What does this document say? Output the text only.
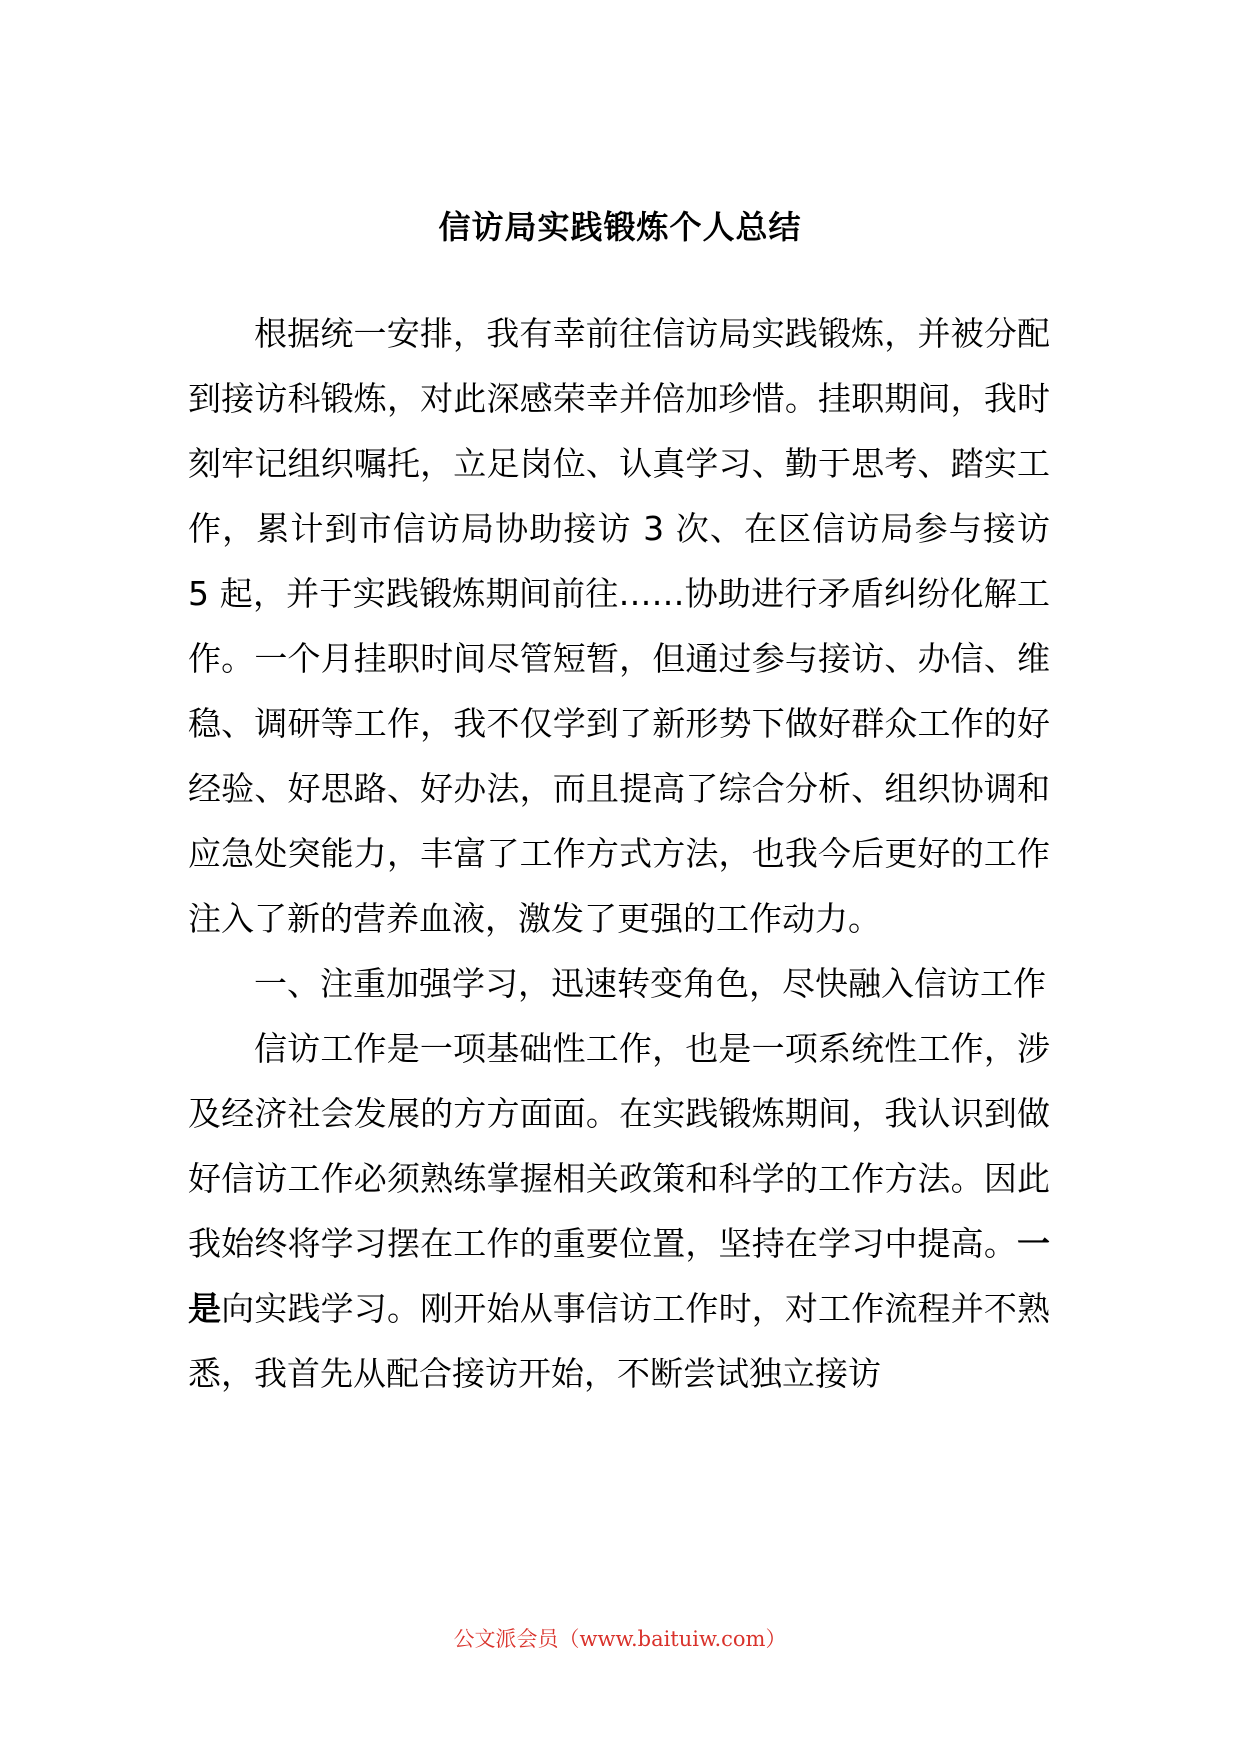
信访局实践锻炼个人总结

根据统一安排，我有幸前往信访局实践锻炼，并被分配到接访科锻炼，对此深感荣幸并倍加珍惜。挂职期间，我时刻牢记组织嘱托，立足岗位、认真学习、勤于思考、踏实工作，累计到市信访局协助接访 3 次、在区信访局参与接访 5 起，并于实践锻炼期间前往……协助进行矛盾纠纷化解工作。一个月挂职时间尽管短暂，但通过参与接访、办信、维稳、调研等工作，我不仅学到了新形势下做好群众工作的好经验、好思路、好办法，而且提高了综合分析、组织协调和应急处突能力，丰富了工作方式方法，也我今后更好的工作注入了新的营养血液，激发了更强的工作动力。

一、注重加强学习，迅速转变角色，尽快融入信访工作

信访工作是一项基础性工作，也是一项系统性工作，涉及经济社会发展的方方面面。在实践锻炼期间，我认识到做好信访工作必须熟练掌握相关政策和科学的工作方法。因此我始终将学习摆在工作的重要位置，坚持在学习中提高。一是向实践学习。刚开始从事信访工作时，对工作流程并不熟悉，我首先从配合接访开始，不断尝试独立接访

公文派会员（www.baituiw.com）
